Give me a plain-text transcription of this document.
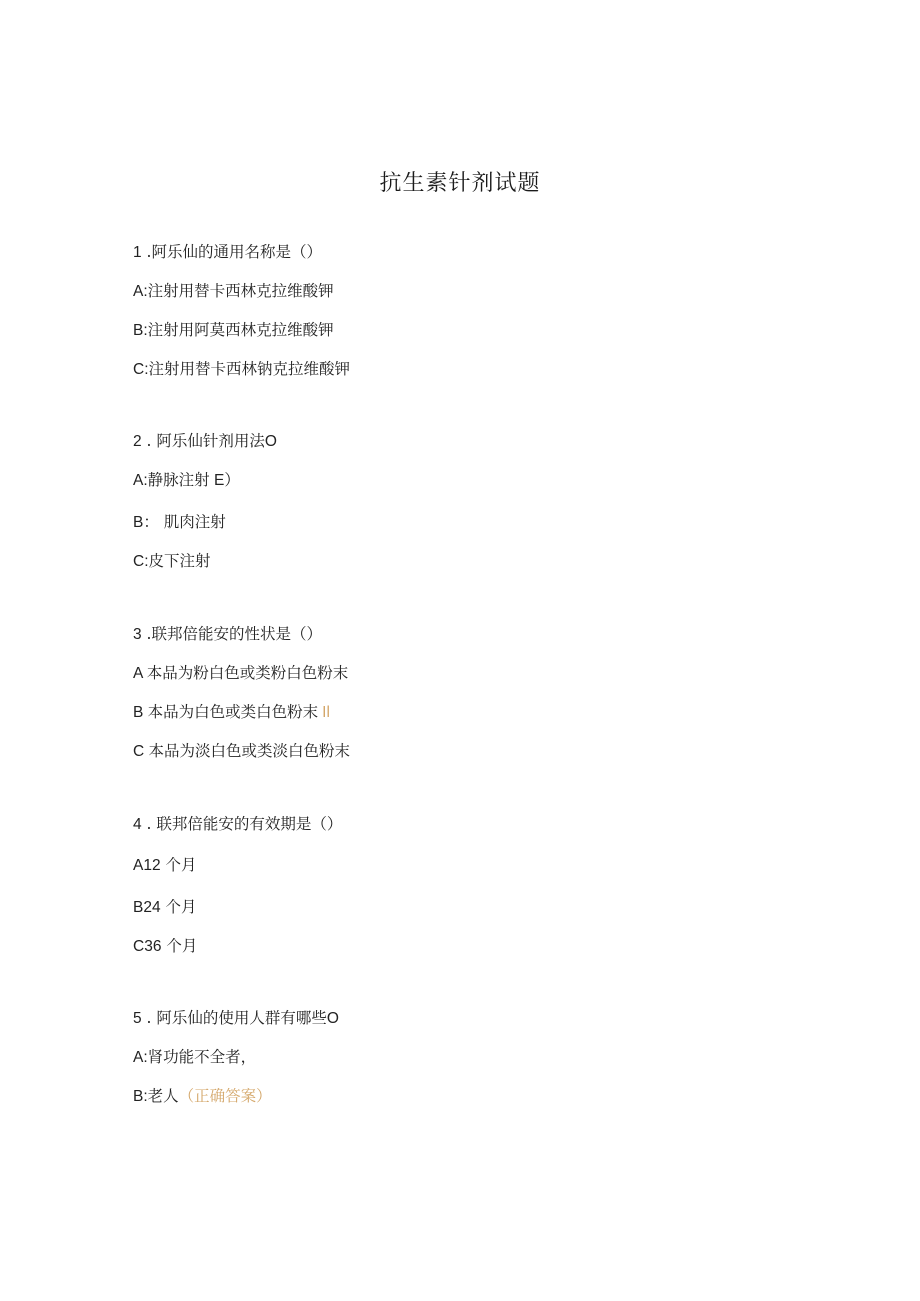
抗生素针剂试题
1 .阿乐仙的通用名称是（）
A:注射用替卡西林克拉维酸钾
B:注射用阿莫西林克拉维酸钾
C:注射用替卡西林钠克拉维酸钾
2 . 阿乐仙针剂用法O
A:静脉注射 E）
B： 肌肉注射
C:皮下注射
3 .联邦倍能安的性状是（）
A 本品为粉白色或类粉白色粉末
B 本品为白色或类白色粉末 Il
C 本品为淡白色或类淡白色粉末
4 . 联邦倍能安的有效期是（）
A12 个月
B24 个月
C36 个月
5 . 阿乐仙的使用人群有哪些O
A:肾功能不全者，
B:老人（正确答案）
